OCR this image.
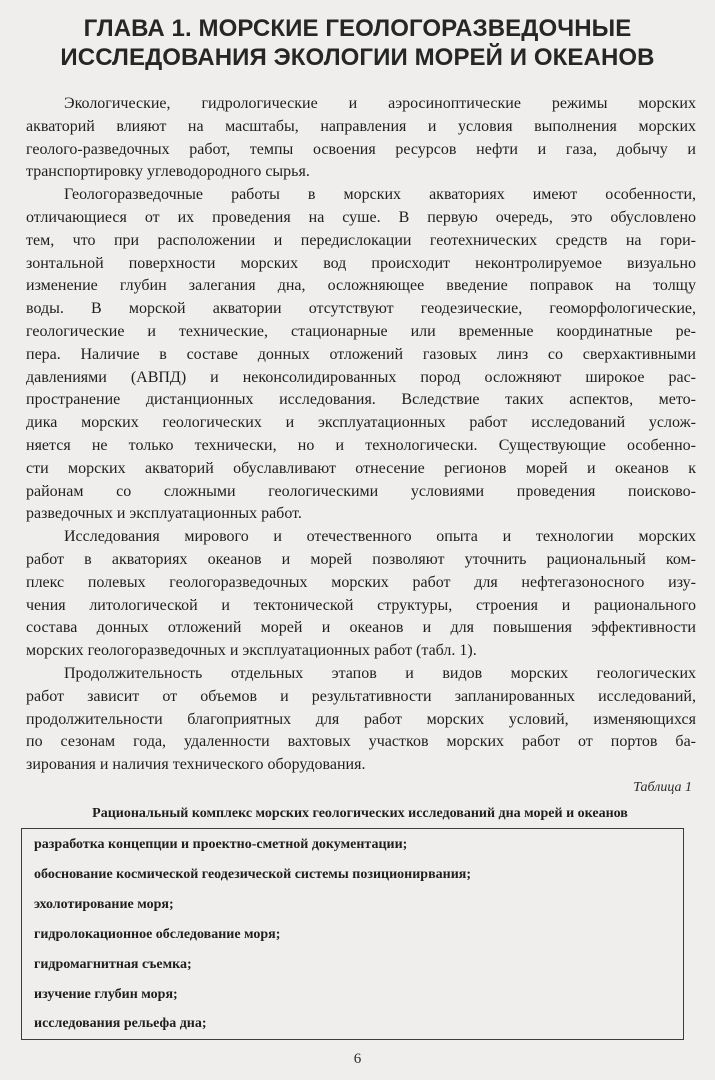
ГЛАВА 1. МОРСКИЕ ГЕОЛОГОРАЗВЕДОЧНЫЕ
ИССЛЕДОВАНИЯ ЭКОЛОГИИ МОРЕЙ И ОКЕАНОВ
Экологические, гидрологические и аэросиноптические режимы морских
акваторий влияют на масштабы, направления и условия выполнения морских
геолого-разведочных работ, темпы освоения ресурсов нефти и газа, добычу и
транспортировку углеводородного сырья.
Геологоразведочные работы в морских акваториях имеют особенности,
отличающиеся от их проведения на суше. В первую очередь, это обусловлено
тем, что при расположении и передислокации геотехнических средств на гори-
зонтальной поверхности морских вод происходит неконтролируемое визуально
изменение глубин залегания дна, осложняющее введение поправок на толщу
воды. В морской акватории отсутствуют геодезические, геоморфологические,
геологические и технические, стационарные или временные координатные ре-
пера. Наличие в составе донных отложений газовых линз со сверхактивными
давлениями (АВПД) и неконсолидированных пород осложняют широкое рас-
пространение дистанционных исследования. Вследствие таких аспектов, мето-
дика морских геологических и эксплуатационных работ исследований услож-
няется не только технически, но и технологически. Существующие особенно-
сти морских акваторий обуславливают отнесение регионов морей и океанов к
районам со сложными геологическими условиями проведения поисково-
разведочных и эксплуатационных работ.
Исследования мирового и отечественного опыта и технологии морских
работ в акваториях океанов и морей позволяют уточнить рациональный ком-
плекс полевых геологоразведочных морских работ для нефтегазоносного изу-
чения литологической и тектонической структуры, строения и рационального
состава донных отложений морей и океанов и для повышения эффективности
морских геологоразведочных и эксплуатационных работ (табл. 1).
Продолжительность отдельных этапов и видов морских геологических
работ зависит от объемов и результативности запланированных исследований,
продолжительности благоприятных для работ морских условий, изменяющихся
по сезонам года, удаленности вахтовых участков морских работ от портов ба-
зирования и наличия технического оборудования.
Таблица 1
Рациональный комплекс морских геологических исследований дна морей и океанов
разработка концепции и проектно-сметной документации;
обоснование космической геодезической системы позиционирвания;
эхолотирование моря;
гидролокационное обследование моря;
гидромагнитная съемка;
изучение глубин моря;
исследования рельефа дна;
6
